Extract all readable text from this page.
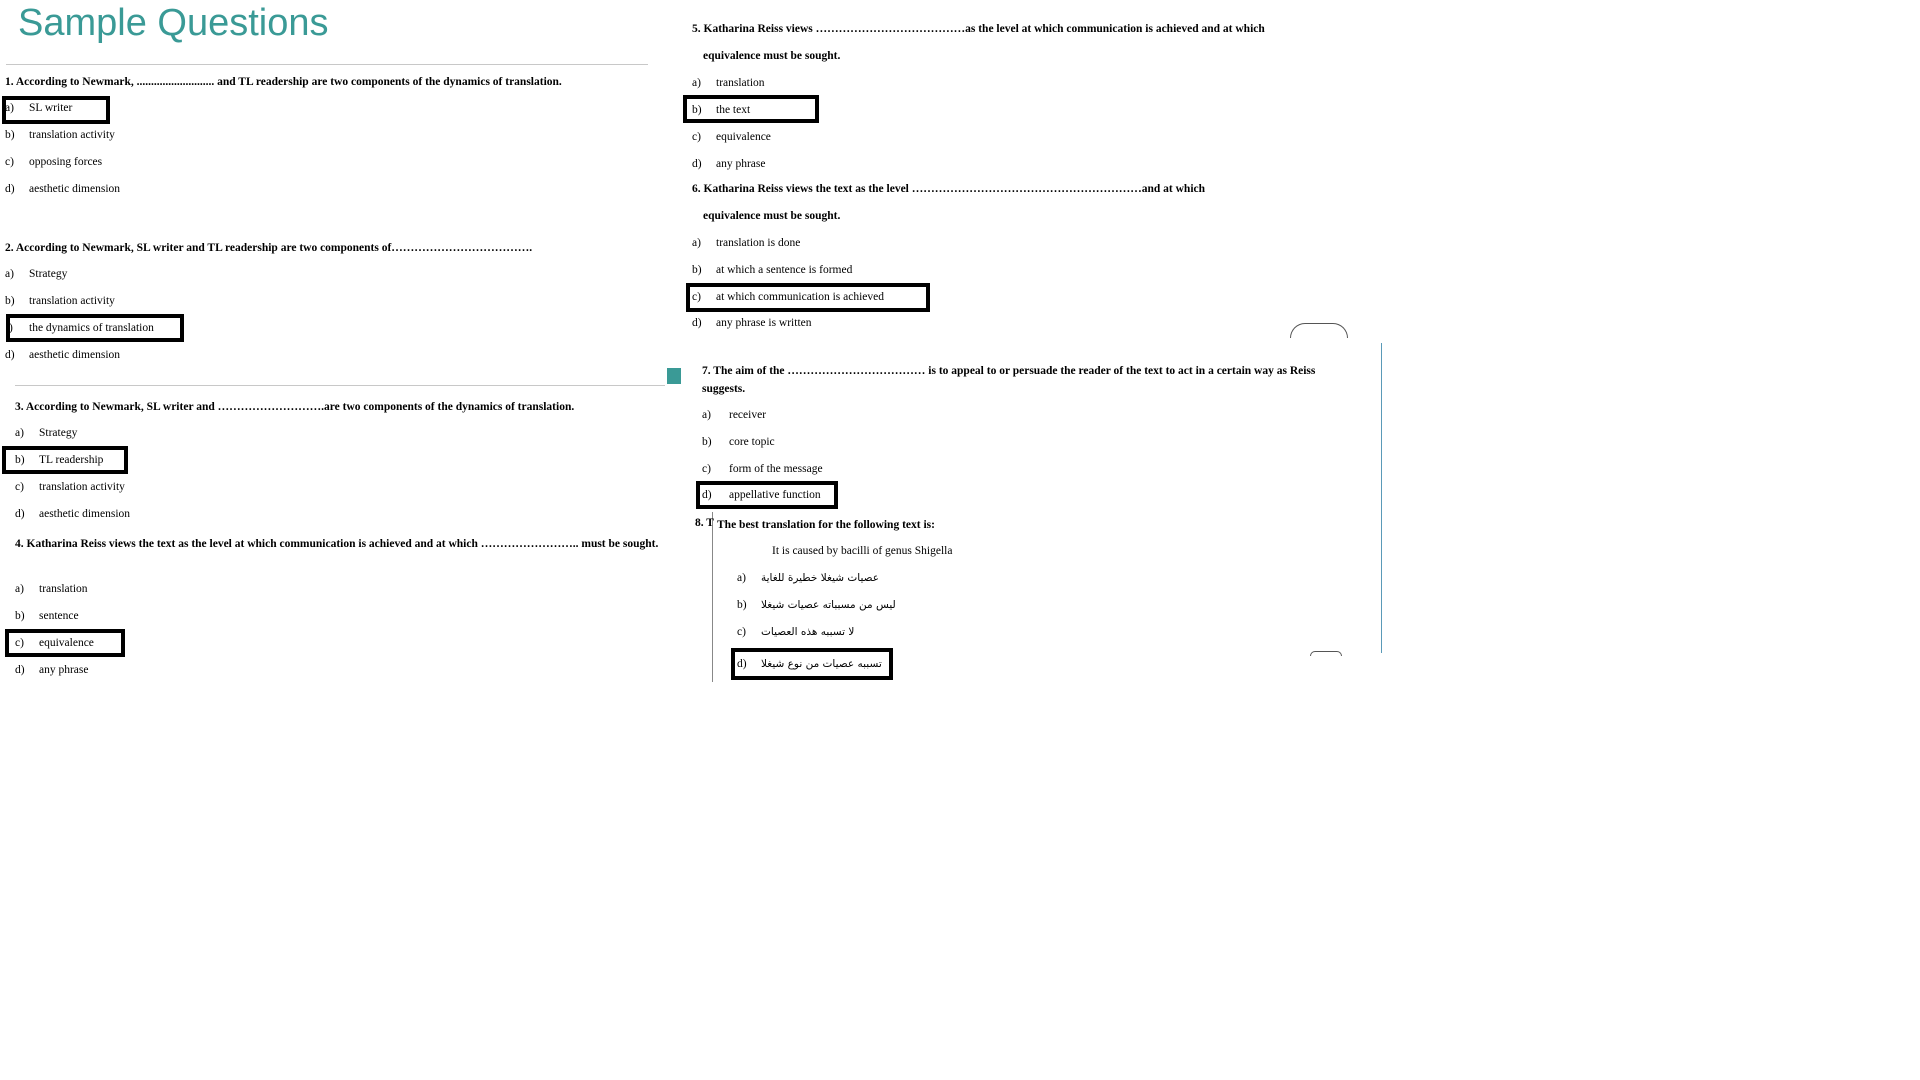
Sample Questions

1. According to Newmark, ........................... and TL readership are two components of the dynamics of translation.

a) SL writer
b) translation activity
c) opposing forces
d) aesthetic dimension

2. According to Newmark, SL writer and TL readership are two components of……………………………….

a) Strategy
b) translation activity
) the dynamics of translation
d) aesthetic dimension

3. According to Newmark, SL writer and ……………………….are two components of the dynamics of translation.

a) Strategy
b) TL readership
c) translation activity
d) aesthetic dimension

4. Katharina Reiss views the text as the level at which communication is achieved and at which …………………….. must be sought.

a) translation
b) sentence
c) equivalence
d) any phrase

5. Katharina Reiss views …………………………………as the level at which communication is achieved and at which

equivalence must be sought.

a) translation
b) the text
c) equivalence
d) any phrase

6. Katharina Reiss views the text as the level ……………………………………………………and at which

equivalence must be sought.

a) translation is done
b) at which a sentence is formed
c) at which communication is achieved
d) any phrase is written

7. The aim of the ……………………………… is to appeal to or persuade the reader of the text to act in a certain way as Reiss suggests.

a) receiver
b) core topic
c) form of the message
d) appellative function

8. T The best translation for the following text is:

It is caused by bacilli of genus Shigella
a) عصيات شيغلا خطيرة للغاية
b) ليس من مسبباته عصيات شيغلا
c) لا تسببه هذه العصيات
d) تسببه عصيات من نوع شيغلا
